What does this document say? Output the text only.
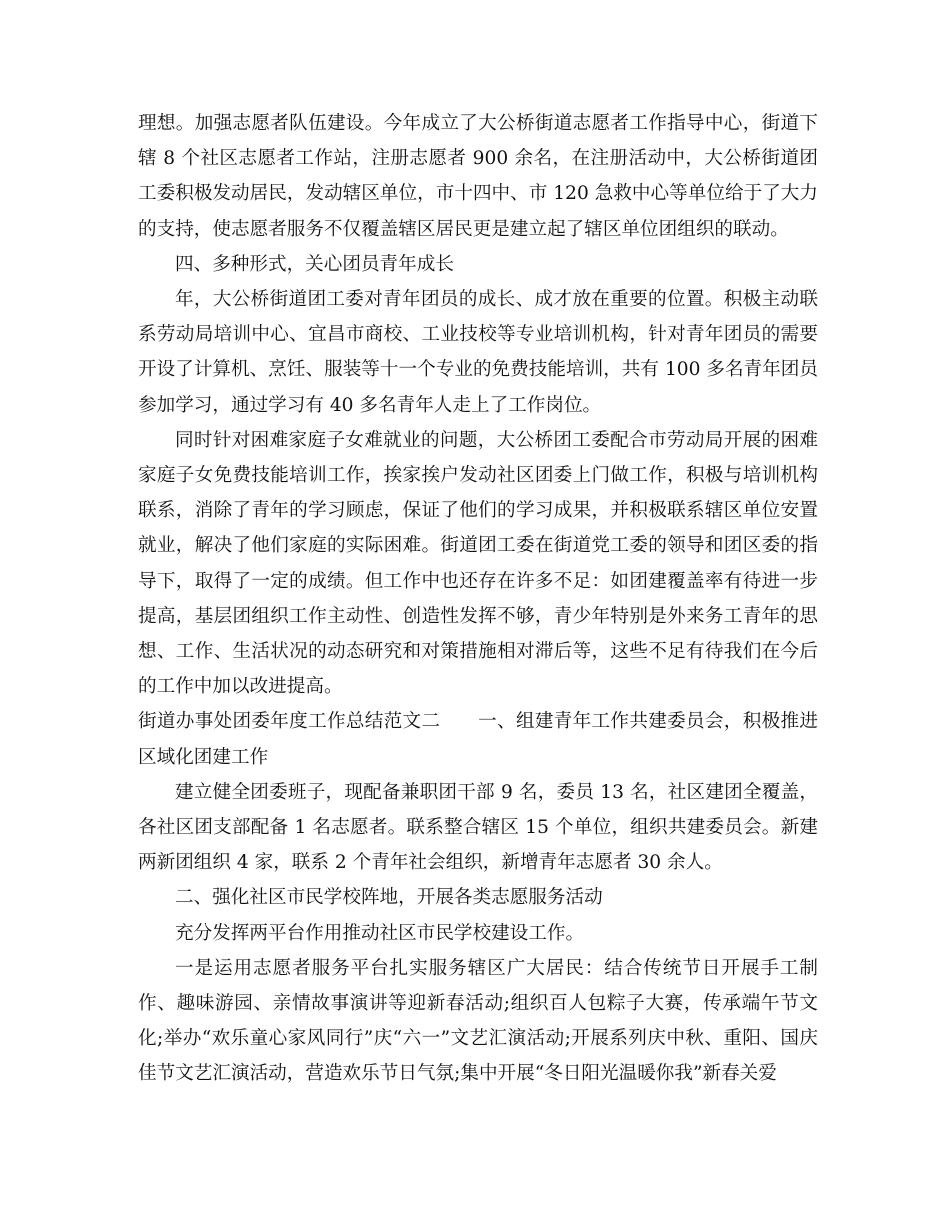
理想。加强志愿者队伍建设。今年成立了大公桥街道志愿者工作指导中心，街道下辖 8 个社区志愿者工作站，注册志愿者 900 余名，在注册活动中，大公桥街道团工委积极发动居民，发动辖区单位，市十四中、市 120 急救中心等单位给于了大力的支持，使志愿者服务不仅覆盖辖区居民更是建立起了辖区单位团组织的联动。

四、多种形式，关心团员青年成长

年，大公桥街道团工委对青年团员的成长、成才放在重要的位置。积极主动联系劳动局培训中心、宜昌市商校、工业技校等专业培训机构，针对青年团员的需要开设了计算机、烹饪、服装等十一个专业的免费技能培训，共有 100 多名青年团员参加学习，通过学习有 40 多名青年人走上了工作岗位。

同时针对困难家庭子女难就业的问题，大公桥团工委配合市劳动局开展的困难家庭子女免费技能培训工作，挨家挨户发动社区团委上门做工作，积极与培训机构联系，消除了青年的学习顾虑，保证了他们的学习成果，并积极联系辖区单位安置就业，解决了他们家庭的实际困难。街道团工委在街道党工委的领导和团区委的指导下，取得了一定的成绩。但工作中也还存在许多不足：如团建覆盖率有待进一步提高，基层团组织工作主动性、创造性发挥不够，青少年特别是外来务工青年的思想、工作、生活状况的动态研究和对策措施相对滞后等，这些不足有待我们在今后的工作中加以改进提高。

街道办事处团委年度工作总结范文二　　一、组建青年工作共建委员会，积极推进区域化团建工作

建立健全团委班子，现配备兼职团干部 9 名，委员 13 名，社区建团全覆盖，各社区团支部配备 1 名志愿者。联系整合辖区 15 个单位，组织共建委员会。新建两新团组织 4 家，联系 2 个青年社会组织，新增青年志愿者 30 余人。

二、强化社区市民学校阵地，开展各类志愿服务活动

充分发挥两平台作用推动社区市民学校建设工作。

一是运用志愿者服务平台扎实服务辖区广大居民：结合传统节日开展手工制作、趣味游园、亲情故事演讲等迎新春活动;组织百人包粽子大赛，传承端午节文化;举办“欢乐童心家风同行”庆“六一”文艺汇演活动;开展系列庆中秋、重阳、国庆佳节文艺汇演活动，营造欢乐节日气氛;集中开展“冬日阳光温暖你我”新春关爱
